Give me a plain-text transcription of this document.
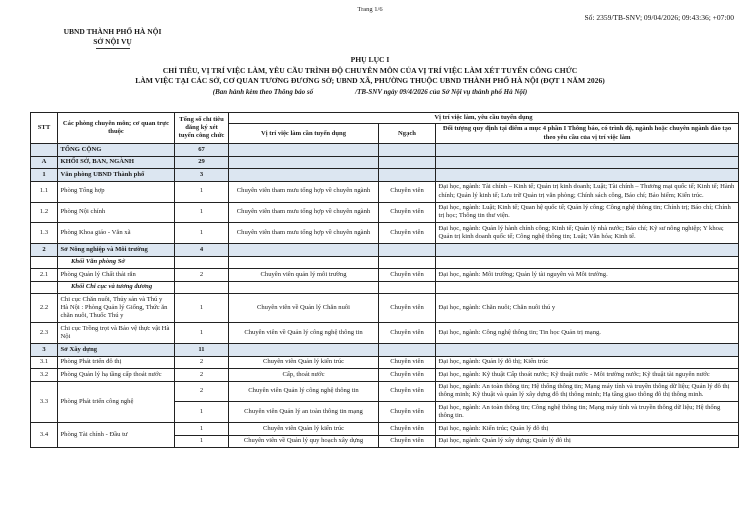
Trang 1/6
Số: 2359/TB-SNV; 09/04/2026; 09:43:36; +07:00
UBND THÀNH PHỐ HÀ NỘI
SỞ NỘI VỤ
PHỤ LỤC I
CHỈ TIÊU, VỊ TRÍ VIỆC LÀM, YÊU CẦU TRÌNH ĐỘ CHUYÊN MÔN CỦA VỊ TRÍ VIỆC LÀM XÉT TUYỂN CÔNG CHỨC
LÀM VIỆC TẠI CÁC SỞ, CƠ QUAN TƯƠNG ĐƯƠNG SỞ; UBND XÃ, PHƯỜNG THUỘC UBND THÀNH PHỐ HÀ NỘI (ĐỢT 1 NĂM 2026)
(Ban hành kèm theo Thông báo số	/TB-SNV ngày 09/4/2026 của Sở Nội vụ thành phố Hà Nội)
STT	Các phòng chuyên môn; cơ quan trực thuộc	Tổng số chỉ tiêu đăng ký xét tuyển công chức	Vị trí việc làm, yêu cầu tuyển dụng		
			Vị trí việc làm cần tuyển dụng	Ngạch	Đối tượng quy định tại điểm a mục 4 phần I Thông báo, có trình độ, ngành hoặc chuyên ngành đào tạo theo yêu cầu của vị trí việc làm
	TỔNG CỘNG	67			
A	KHỐI SỞ, BAN, NGÀNH	29			
1	Văn phòng UBND Thành phố	3			
1.1	Phòng Tổng hợp	1	Chuyên viên tham mưu tổng hợp về chuyên ngành	Chuyên viên	Đại học, ngành: Tài chính – Kinh tế; Quản trị kinh doanh; Luật; Tài chính – Thương mại quốc tế; Kinh tế; Hành chính; Quản lý kinh tế; Lưu trữ Quản trị văn phòng; Chính sách công, Báo chí; Bảo hiểm; Kiến trúc.
1.2	Phòng Nội chính	1	Chuyên viên tham mưu tổng hợp về chuyên ngành	Chuyên viên	Đại học, ngành: Luật; Kinh tế; Quan hệ quốc tế; Quản lý công; Công nghệ thông tin; Chính trị; Báo chí; Chính trị học; Thông tin thư viện.
1.3	Phòng Khoa giáo - Văn xã	1	Chuyên viên tham mưu tổng hợp về chuyên ngành	Chuyên viên	Đại học, ngành: Quản lý hành chính công; Kinh tế; Quản lý nhà nước; Báo chí; Kỹ sư nông nghiệp; Y khoa; Quản trị kinh doanh quốc tế; Công nghệ thông tin; Luật; Văn hóa; Kinh tế.
2	Sở Nông nghiệp và Môi trường	4			
	Khối Văn phòng Sở				
2.1	Phòng Quản lý Chất thải rắn	2	Chuyên viên quản lý môi trường	Chuyên viên	Đại học, ngành: Môi trường; Quản lý tài nguyên và Môi trường.
	Khối Chi cục và tương đương				
2.2	Chi cục Chăn nuôi, Thủy sản và Thú y Hà Nội : Phòng Quản lý Giống, Thức ăn chăn nuôi, Thuốc Thú y	1	Chuyên viên về Quản lý Chăn nuôi	Chuyên viên	Đại học, ngành: Chăn nuôi; Chăn nuôi thú y
2.3	Chi cục Trồng trọt và Bảo vệ thực vật Hà Nội	1	Chuyên viên về Quản lý công nghệ thông tin	Chuyên viên	Đại học, ngành: Công nghệ thông tin; Tin học Quản trị mạng.
3	Sở Xây dựng	11			
3.1	Phòng Phát triển đô thị	2	Chuyên viên Quản lý kiến trúc	Chuyên viên	Đại học, ngành: Quản lý đô thị; Kiến trúc
3.2	Phòng Quản lý hạ tầng cấp thoát nước	2	Cấp, thoát nước	Chuyên viên	Đại học, ngành: Kỹ thuật Cấp thoát nước; Kỹ thuật nước - Môi trường nước; Kỹ thuật tài nguyên nước
3.3	Phòng Phát triển công nghệ	2	Chuyên viên Quản lý công nghệ thông tin	Chuyên viên	Đại học, ngành: An toàn thông tin; Hệ thống thông tin; Mạng máy tính và truyền thông dữ liệu; Quản lý đô thị thông minh; Kỹ thuật và quản lý xây dựng đô thị thông minh; Hạ tầng giao thông đô thị thông minh.
		1	Chuyên viên Quản lý an toàn thông tin mạng	Chuyên viên	Đại học, ngành: An toàn thông tin; Công nghệ thông tin; Mạng máy tính và truyền thông dữ liệu; Hệ thống thông tin.
3.4	Phòng Tài chính - Đầu tư	1	Chuyên viên Quản lý kiến trúc	Chuyên viên	Đại học, ngành: Kiến trúc; Quản lý đô thị
		1	Chuyên viên về Quản lý quy hoạch xây dựng	Chuyên viên	Đại học, ngành: Quản lý xây dựng; Quản lý đô thị
